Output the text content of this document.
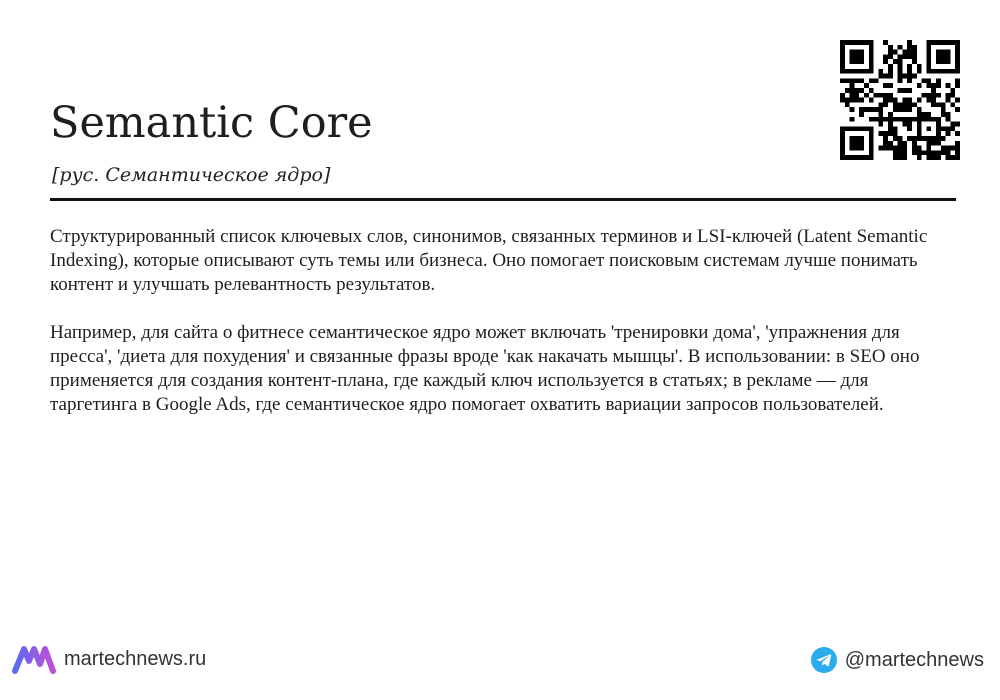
Semantic Core
[рус. Семантическое ядро]

Структурированный список ключевых слов, синонимов, связанных терминов и LSI-ключей (Latent Semantic Indexing), которые описывают суть темы или бизнеса. Оно помогает поисковым системам лучше понимать контент и улучшать релевантность результатов.

Например, для сайта о фитнесе семантическое ядро может включать 'тренировки дома', 'упражнения для пресса', 'диета для похудения' и связанные фразы вроде 'как накачать мышцы'. В использовании: в SEO оно применяется для создания контент-плана, где каждый ключ используется в статьях; в рекламе — для таргетинга в Google Ads, где семантическое ядро помогает охватить вариации запросов пользователей.

martechnews.ru	@martechnews
